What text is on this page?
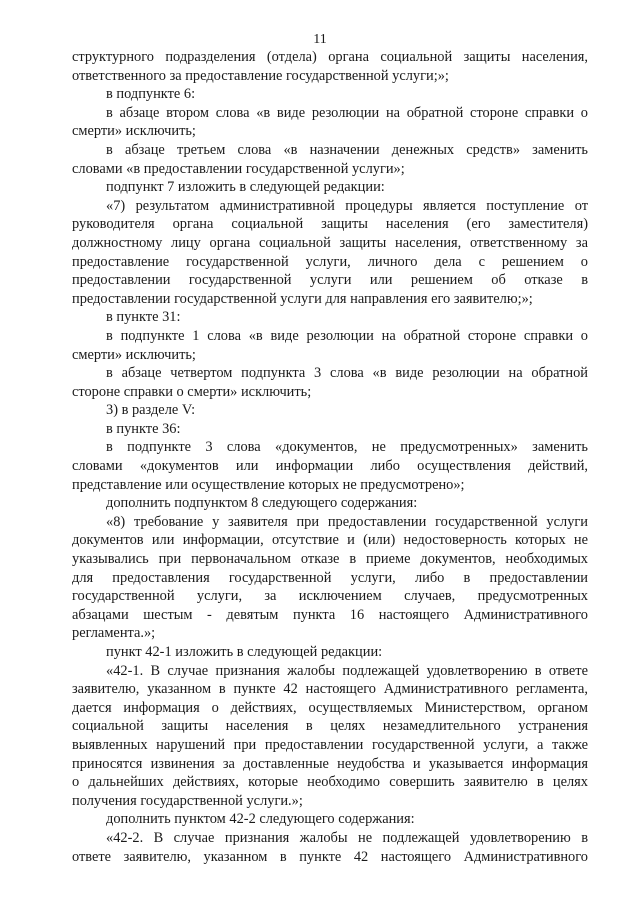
11
структурного подразделения (отдела) органа социальной защиты населения,
ответственного за предоставление государственной услуги;»;
в подпункте 6:
в абзаце втором слова «в виде резолюции на обратной стороне справки о
смерти» исключить;
в абзаце третьем слова «в назначении денежных средств» заменить
словами «в предоставлении государственной услуги»;
подпункт 7 изложить в следующей редакции:
«7) результатом административной процедуры является поступление от
руководителя органа социальной защиты населения (его заместителя)
должностному лицу органа социальной защиты населения, ответственному за
предоставление государственной услуги, личного дела с решением о
предоставлении государственной услуги или решением об отказе в
предоставлении государственной услуги для направления его заявителю;»;
в пункте 31:
в подпункте 1 слова «в виде резолюции на обратной стороне справки о
смерти» исключить;
в абзаце четвертом подпункта 3 слова «в виде резолюции на обратной
стороне справки о смерти» исключить;
3) в разделе V:
в пункте 36:
в подпункте 3 слова «документов, не предусмотренных» заменить
словами «документов или информации либо осуществления действий,
представление или осуществление которых не предусмотрено»;
дополнить подпунктом 8 следующего содержания:
«8) требование у заявителя при предоставлении государственной услуги
документов или информации, отсутствие и (или) недостоверность которых не
указывались при первоначальном отказе в приеме документов, необходимых
для предоставления государственной услуги, либо в предоставлении
государственной услуги, за исключением случаев, предусмотренных
абзацами шестым - девятым пункта 16 настоящего Административного
регламента.»;
пункт 42-1 изложить в следующей редакции:
«42-1. В случае признания жалобы подлежащей удовлетворению в ответе
заявителю, указанном в пункте 42 настоящего Административного регламента,
дается информация о действиях, осуществляемых Министерством, органом
социальной защиты населения в целях незамедлительного устранения
выявленных нарушений при предоставлении государственной услуги, а также
приносятся извинения за доставленные неудобства и указывается информация
о дальнейших действиях, которые необходимо совершить заявителю в целях
получения государственной услуги.»;
дополнить пунктом 42-2 следующего содержания:
«42-2. В случае признания жалобы не подлежащей удовлетворению в
ответе заявителю, указанном в пункте 42 настоящего Административного
